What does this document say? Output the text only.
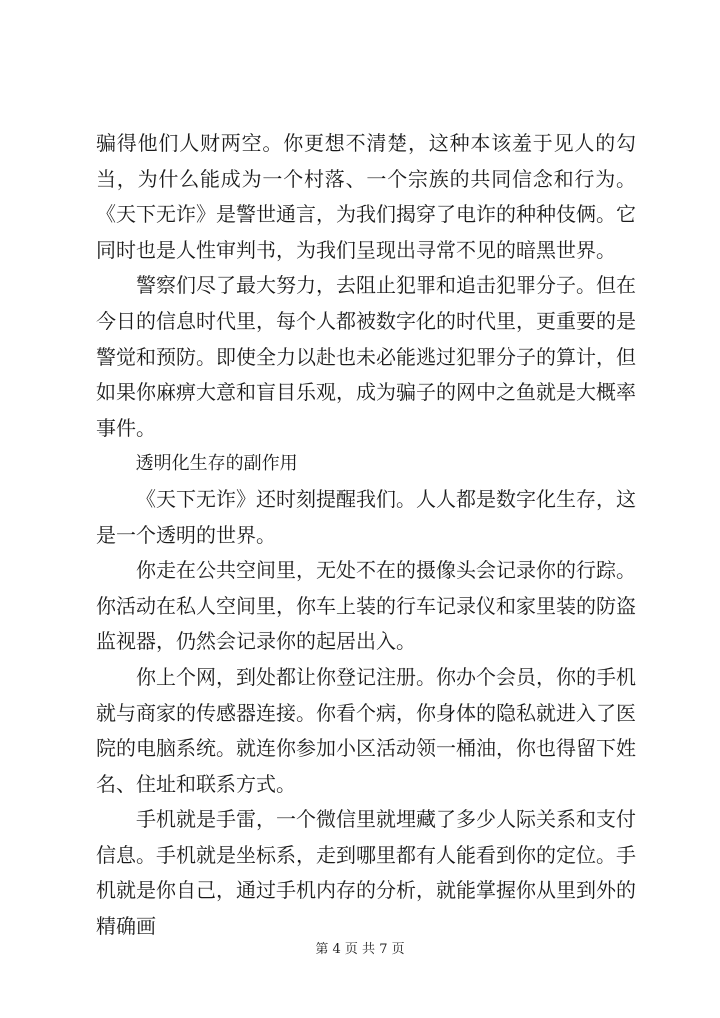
骗得他们人财两空。你更想不清楚，这种本该羞于见人的勾当，为什么能成为一个村落、一个宗族的共同信念和行为。《天下无诈》是警世通言，为我们揭穿了电诈的种种伎俩。它同时也是人性审判书，为我们呈现出寻常不见的暗黑世界。

警察们尽了最大努力，去阻止犯罪和追击犯罪分子。但在今日的信息时代里，每个人都被数字化的时代里，更重要的是警觉和预防。即使全力以赴也未必能逃过犯罪分子的算计，但如果你麻痹大意和盲目乐观，成为骗子的网中之鱼就是大概率事件。

透明化生存的副作用

《天下无诈》还时刻提醒我们。人人都是数字化生存，这是一个透明的世界。

你走在公共空间里，无处不在的摄像头会记录你的行踪。你活动在私人空间里，你车上装的行车记录仪和家里装的防盗监视器，仍然会记录你的起居出入。

你上个网，到处都让你登记注册。你办个会员，你的手机就与商家的传感器连接。你看个病，你身体的隐私就进入了医院的电脑系统。就连你参加小区活动领一桶油，你也得留下姓名、住址和联系方式。

手机就是手雷，一个微信里就埋藏了多少人际关系和支付信息。手机就是坐标系，走到哪里都有人能看到你的定位。手机就是你自己，通过手机内存的分析，就能掌握你从里到外的精确画

第 4 页 共 7 页
